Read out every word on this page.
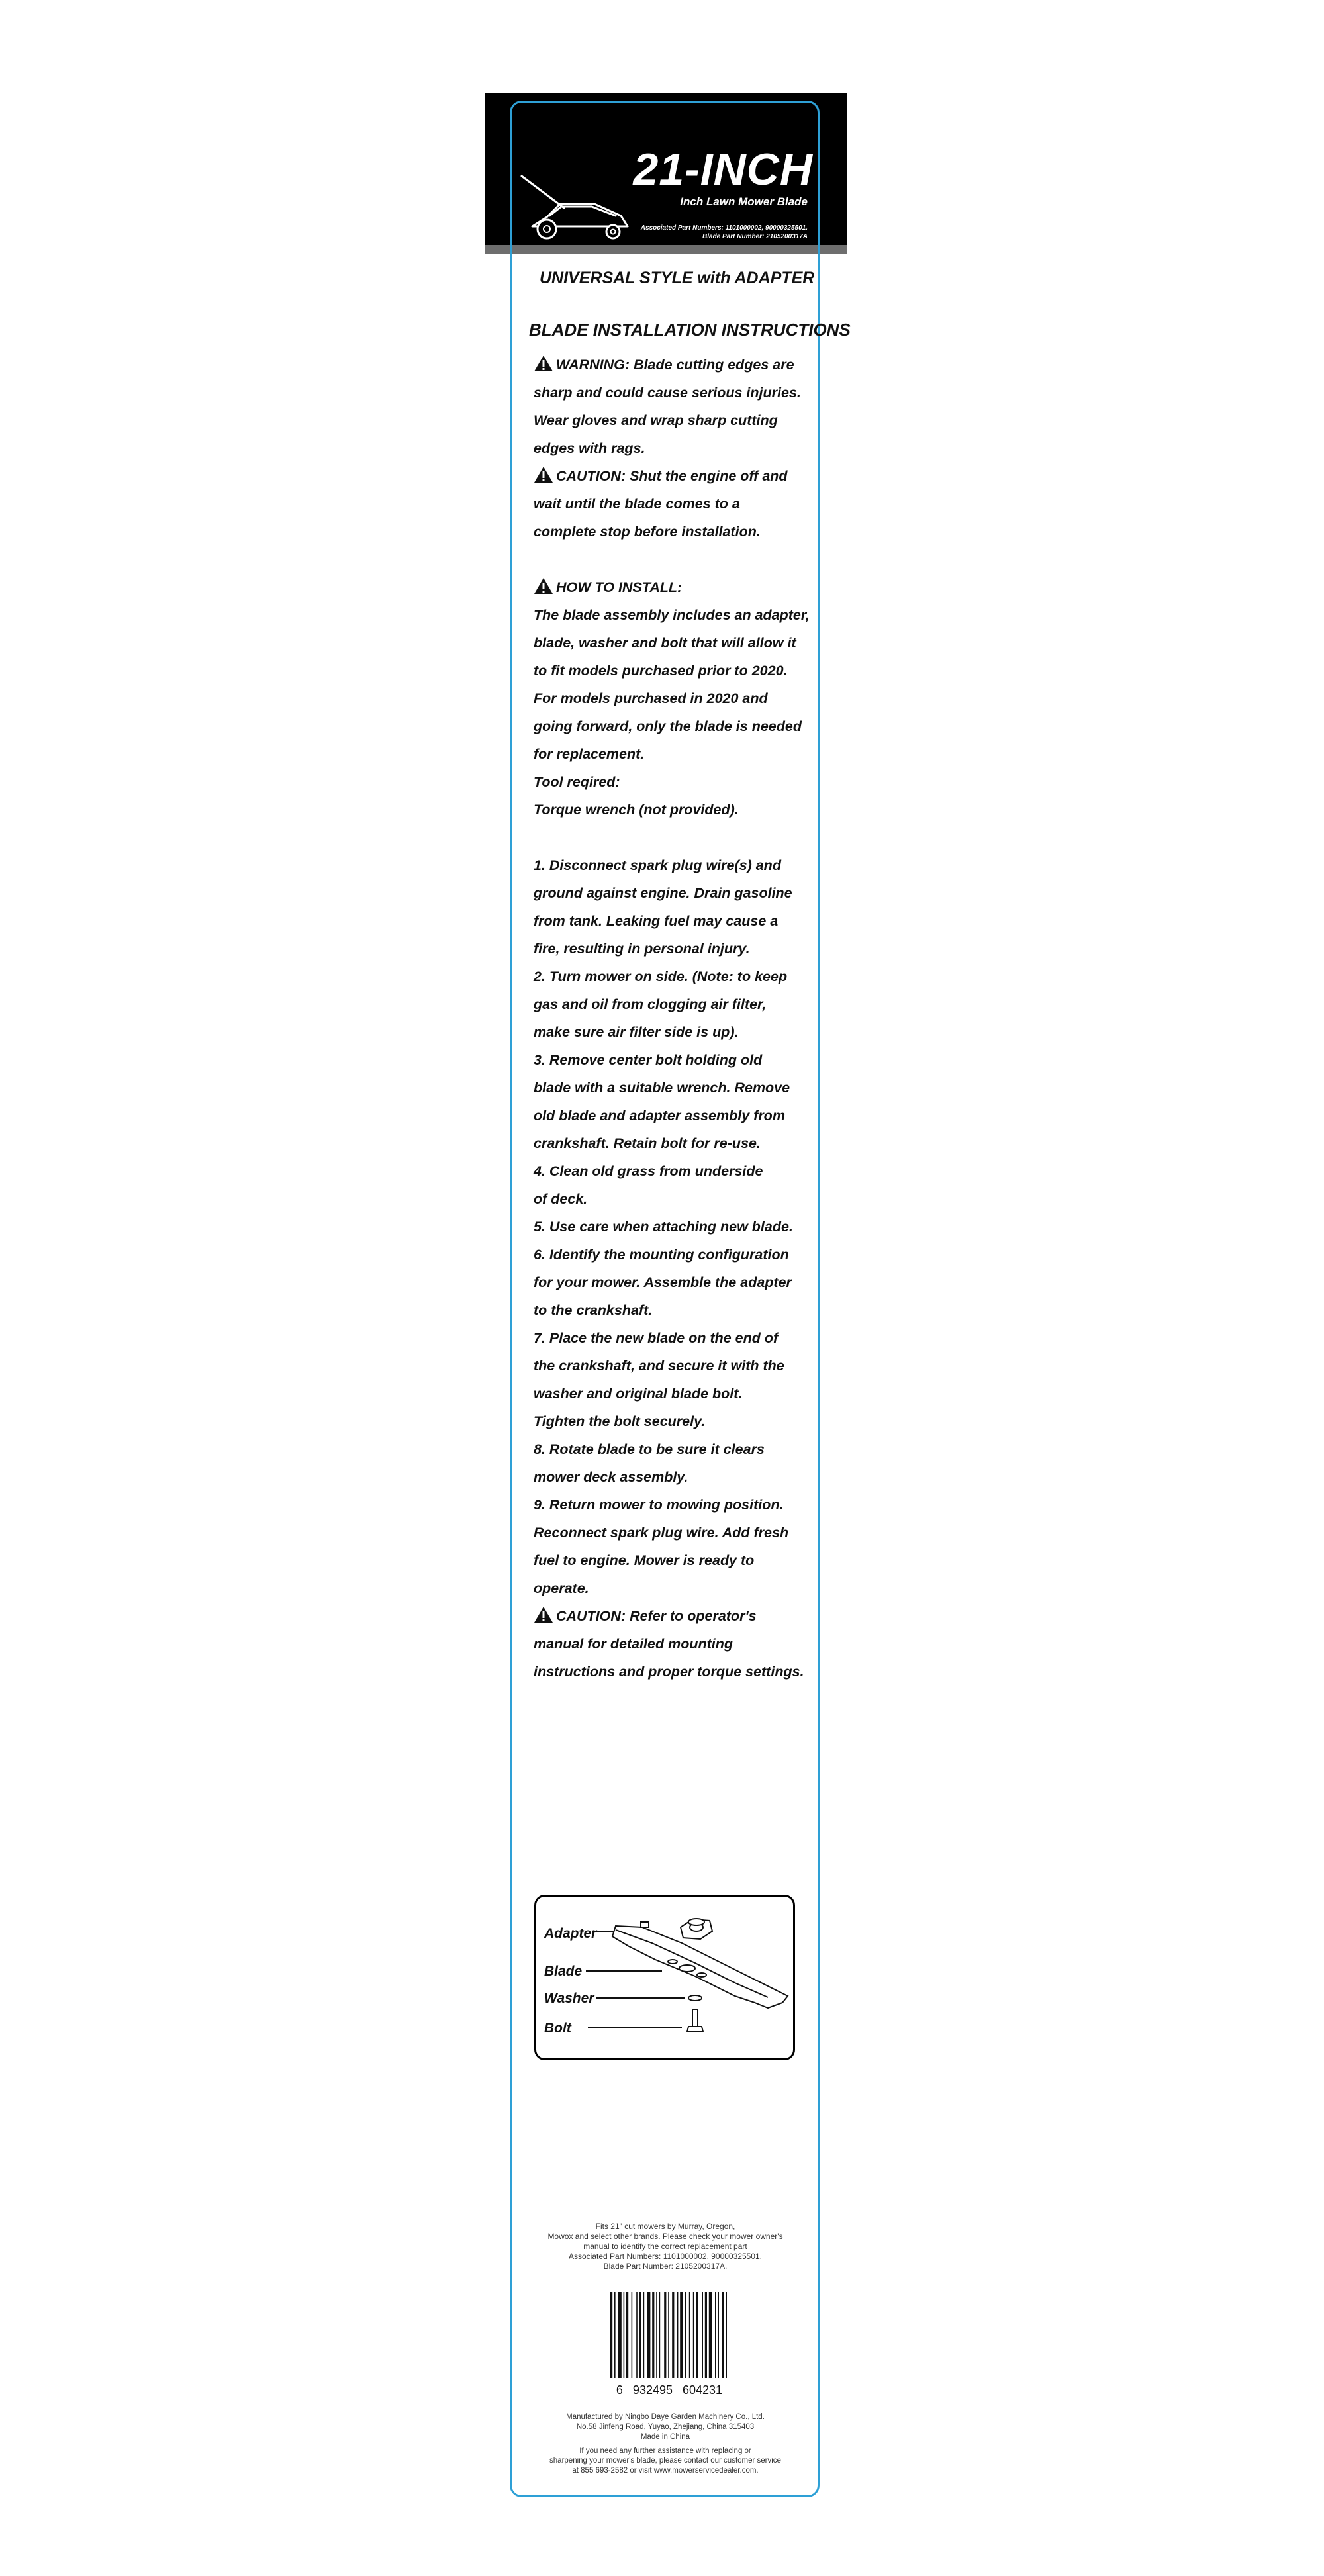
21-INCH
Inch Lawn Mower Blade
Associated Part Numbers: 1101000002, 90000325501.
Blade Part Number: 2105200317A
UNIVERSAL STYLE with ADAPTER
BLADE INSTALLATION INSTRUCTIONS
WARNING: Blade cutting edges are
sharp and could cause serious injuries.
Wear gloves and wrap sharp cutting
edges with rags.
CAUTION: Shut the engine off and
wait until the blade comes to a
complete stop before installation.
HOW TO INSTALL:
The blade assembly includes an adapter,
blade, washer and bolt that will allow it
to fit models purchased prior to 2020.
For models purchased in 2020 and
going forward, only the blade is needed
for replacement.
Tool reqired:
Torque wrench (not provided).
1. Disconnect spark plug wire(s) and
ground against engine. Drain gasoline
from tank. Leaking fuel may cause a
fire, resulting in personal injury.
2. Turn mower on side. (Note: to keep
gas and oil from clogging air filter,
make sure air filter side is up).
3. Remove center bolt holding old
blade with a suitable wrench. Remove
old blade and adapter assembly from
crankshaft. Retain bolt for re-use.
4. Clean old grass from underside
of deck.
5. Use care when attaching new blade.
6. Identify the mounting configuration
for your mower. Assemble the adapter
to the crankshaft.
7. Place the new blade on the end of
the crankshaft, and secure it with the
washer and original blade bolt.
Tighten the bolt securely.
8. Rotate blade to be sure it clears
mower deck assembly.
9. Return mower to mowing position.
Reconnect spark plug wire. Add fresh
fuel to engine. Mower is ready to
operate.
CAUTION: Refer to operator's
manual for detailed mounting
instructions and proper torque settings.
Adapter
Blade
Washer
Bolt
Fits 21" cut mowers by Murray, Oregon,
Mowox and select other brands. Please check your mower owner's
manual to identify the correct replacement part
Associated Part Numbers: 1101000002, 90000325501.
Blade Part Number: 2105200317A.
6   932495   604231
Manufactured by Ningbo Daye Garden Machinery Co., Ltd.
No.58 Jinfeng Road, Yuyao, Zhejiang, China 315403
Made in China
If you need any further assistance with replacing or
sharpening your mower's blade, please contact our customer service
at 855 693-2582 or visit www.mowerservicedealer.com.
